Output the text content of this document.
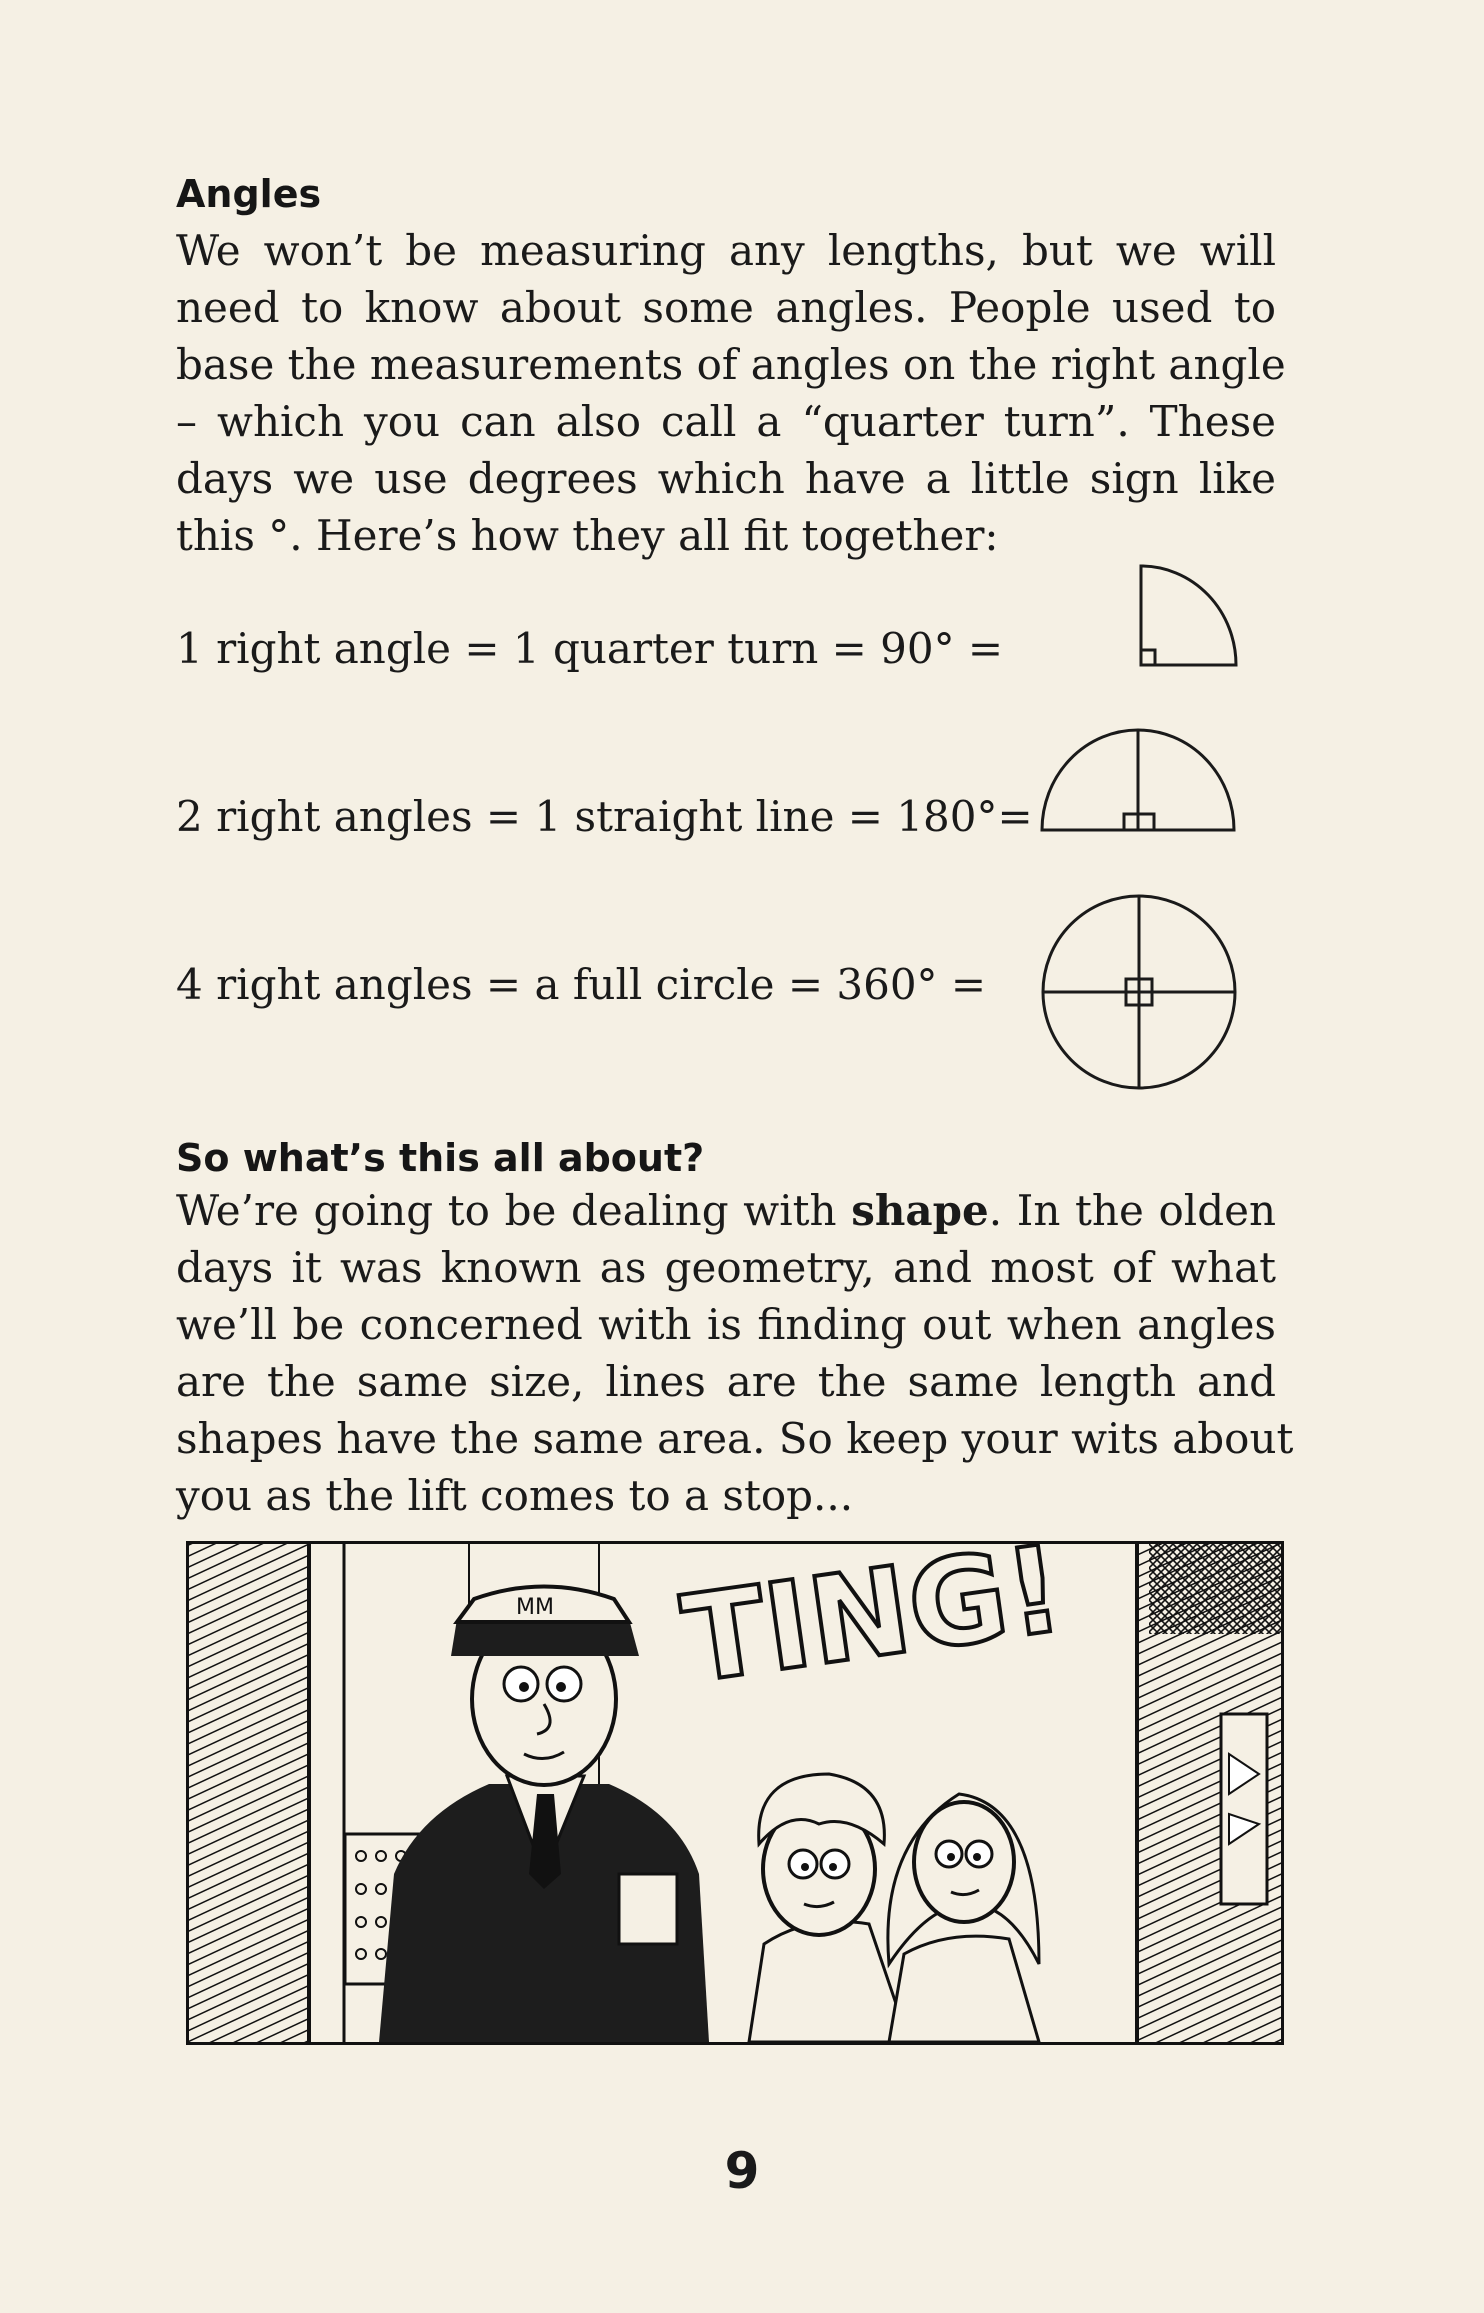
Angles

We won’t be measuring any lengths, but we will
need to know about some angles. People used to
base the measurements of angles on the right angle
– which you can also call a “quarter turn”. These
days we use degrees which have a little sign like
this °. Here’s how they all fit together:

1 right angle = 1 quarter turn = 90° =
2 right angles = 1 straight line = 180°=
4 right angles = a full circle = 360° =
So what’s this all about?

We’re going to be dealing with shape. In the olden
days it was known as geometry, and most of what
we’ll be concerned with is finding out when angles
are the same size, lines are the same length and
shapes have the same area. So keep your wits about
you as the lift comes to a stop...

TING!
MM
9
